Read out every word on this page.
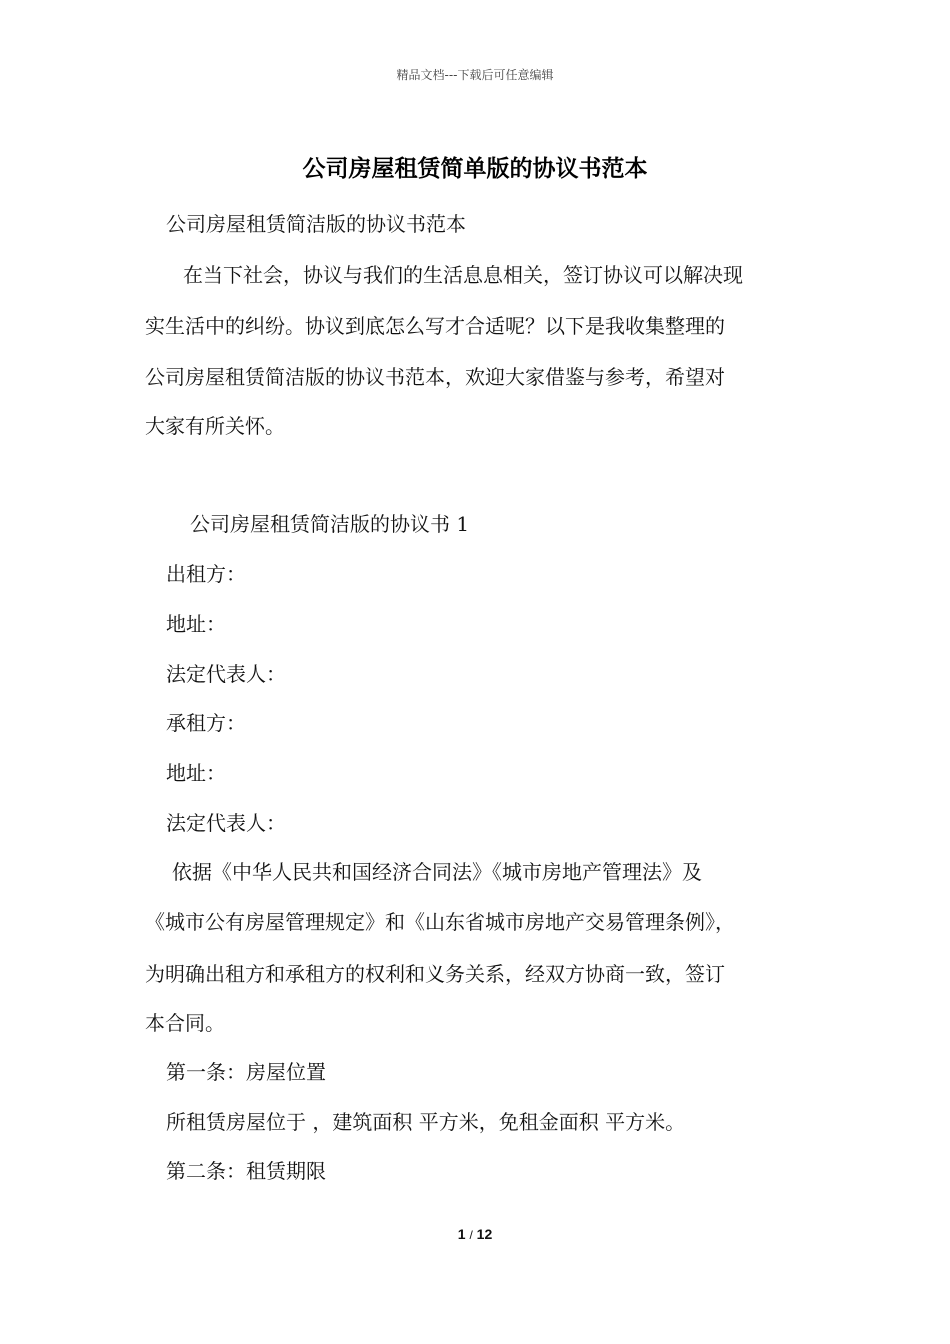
精品文档---下载后可任意编辑
公司房屋租赁简单版的协议书范本
公司房屋租赁简洁版的协议书范本
在当下社会，协议与我们的生活息息相关，签订协议可以解决现
实生活中的纠纷。协议到底怎么写才合适呢？以下是我收集整理的
公司房屋租赁简洁版的协议书范本，欢迎大家借鉴与参考，希望对
大家有所关怀。
公司房屋租赁简洁版的协议书 1
出租方：
地址：
法定代表人：
承租方：
地址：
法定代表人：
依据《中华人民共和国经济合同法》《城市房地产管理法》及
《城市公有房屋管理规定》和《山东省城市房地产交易管理条例》，
为明确出租方和承租方的权利和义务关系，经双方协商一致，签订
本合同。
第一条：房屋位置
所租赁房屋位于 ，建筑面积 平方米，免租金面积 平方米。
第二条：租赁期限
1 / 12
